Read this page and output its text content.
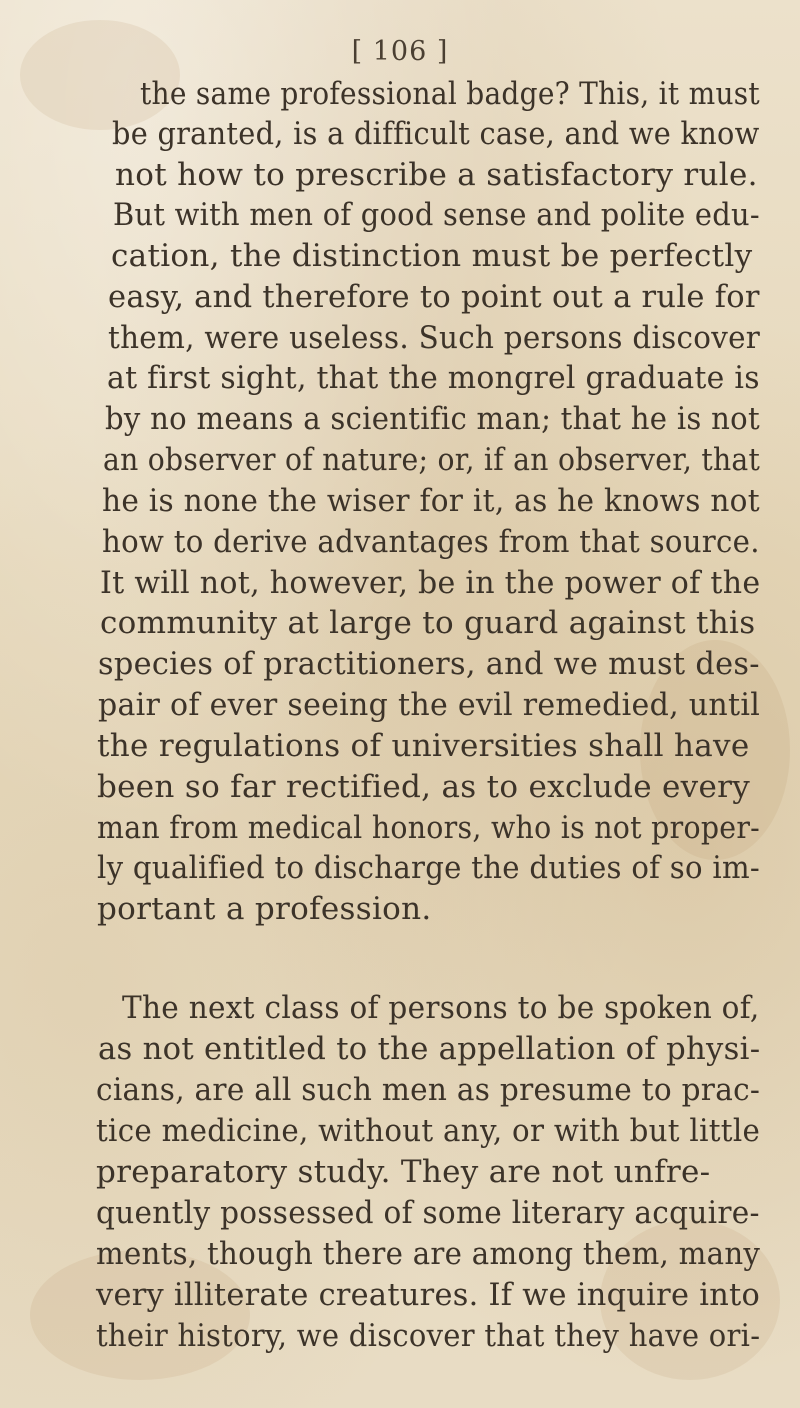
[ 106 ]
the same professional badge? This, it must
be granted, is a difficult case, and we know
not how to prescribe a satisfactory rule.
But with men of good sense and polite edu-
cation, the distinction must be perfectly
easy, and therefore to point out a rule for
them, were useless. Such persons discover
at first sight, that the mongrel graduate is
by no means a scientific man; that he is not
an observer of nature; or, if an observer, that
he is none the wiser for it, as he knows not
how to derive advantages from that source.
It will not, however, be in the power of the
community at large to guard against this
species of practitioners, and we must des-
pair of ever seeing the evil remedied, until
the regulations of universities shall have
been so far rectified, as to exclude every
man from medical honors, who is not proper-
ly qualified to discharge the duties of so im-
portant a profession.
The next class of persons to be spoken of,
as not entitled to the appellation of physi-
cians, are all such men as presume to prac-
tice medicine, without any, or with but little
preparatory study. They are not unfre-
quently possessed of some literary acquire-
ments, though there are among them, many
very illiterate creatures. If we inquire into
their history, we discover that they have ori-
